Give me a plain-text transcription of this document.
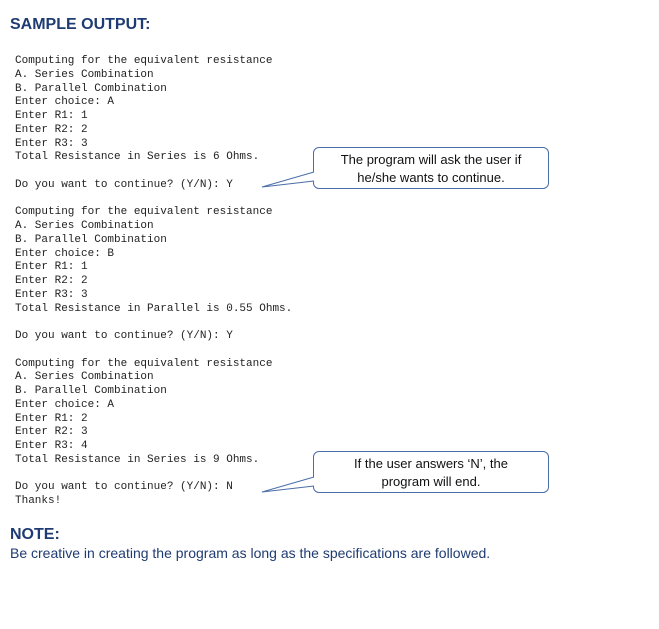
SAMPLE OUTPUT:
Computing for the equivalent resistance
A. Series Combination
B. Parallel Combination
Enter choice: A
Enter R1: 1
Enter R2: 2
Enter R3: 3
Total Resistance in Series is 6 Ohms.
Do you want to continue? (Y/N): Y
Computing for the equivalent resistance
A. Series Combination
B. Parallel Combination
Enter choice: B
Enter R1: 1
Enter R2: 2
Enter R3: 3
Total Resistance in Parallel is 0.55 Ohms.
Do you want to continue? (Y/N): Y
Computing for the equivalent resistance
A. Series Combination
B. Parallel Combination
Enter choice: A
Enter R1: 2
Enter R2: 3
Enter R3: 4
Total Resistance in Series is 9 Ohms.
Do you want to continue? (Y/N): N
Thanks!
The program will ask the user if
he/she wants to continue.
If the user answers ‘N’, the
program will end.
NOTE:

Be creative in creating the program as long as the specifications are followed.
